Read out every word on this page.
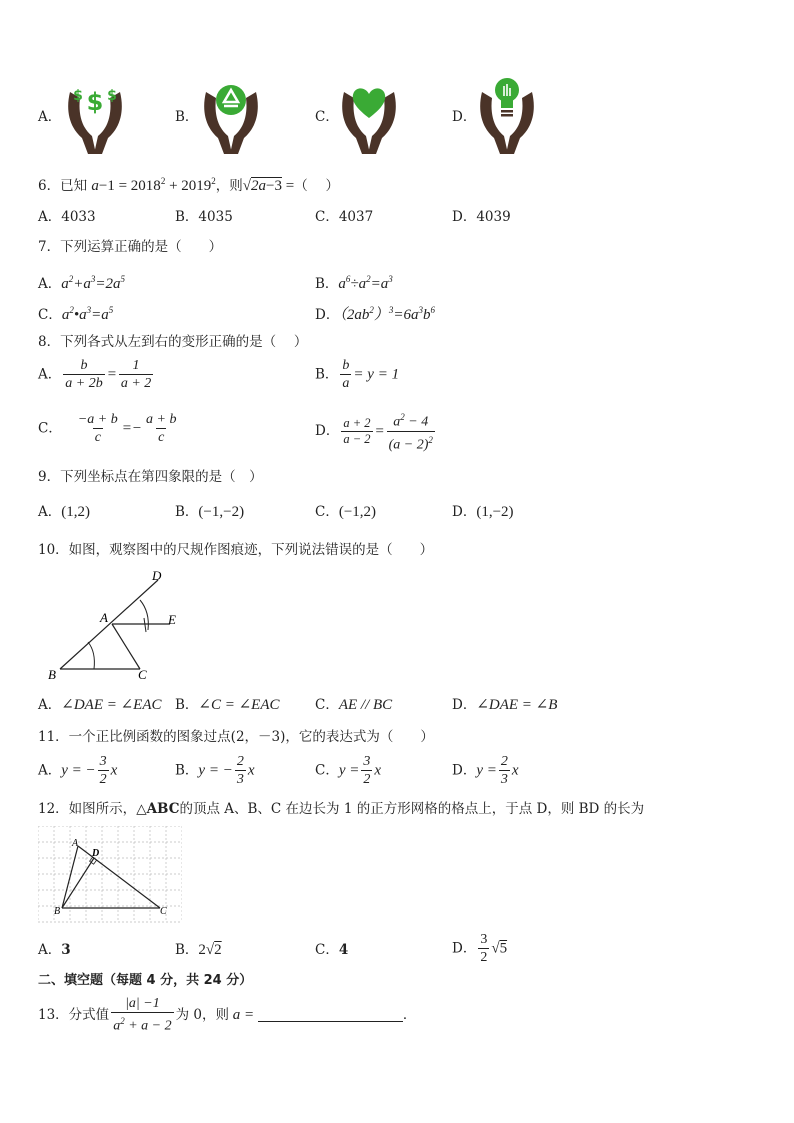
A．
$
$ $
B．	C．	D．
6．已知 $a-1 = 2018^2 + 2019^2$，则√2a−3 =（　 ）
A．4033	B．4035	C．4037	D．4039
7．下列运算正确的是（　　）
A．$a^2+a^3=2a^5$	B．$a^6\div a^2=a^3$
C．$a^2•a^3=a^5$	D．$(2ab^2)^3=6a^3b^6$
8．下列各式从左到右的变形正确的是（　 ）
A． $\frac{b}{a + 2b} = \frac{1}{a + 2}$	B． $\frac{b}{a} = y = 1$
C． $\frac{-a + b}{c} =- \frac{a + b}{c}$	D． $\frac{a + 2}{a - 2} = \frac{a^2 - 4}{(a - 2)^2}$
9．下列坐标点在第四象限的是（　）
A．(1,2)	B．(−1,−2)	C．(−1,2)	D．(1,−2)
10．如图，观察图中的尺规作图痕迹，下列说法错误的是（　　）
D
A	E
B	C
A．∠DAE = ∠EAC B．∠C = ∠EAC	C．AE // BC	D．∠DAE = ∠B
11．一个正比例函数的图象过点(2，－3)，它的表达式为（　　）
A．y = − $\frac{3}{2}$ x	B．y = − $\frac{2}{3}$ x	C．$y = \frac{3}{2}$ x	D．$y = \frac{2}{3}$ x
12．如图所示，△ABC的顶点 A、B、C 在边长为 1 的正方形网格的格点上，于点 D，则 BD 的长为
A
D
B	C
A．3	B．2√2	C．4	D． $\frac{3}{2} √5$
二、填空题（每题 4 分，共 24 分）
13．分式值 $\frac{|a| -1}{a^2 + a - 2}$ 为 0，则 a =	．
